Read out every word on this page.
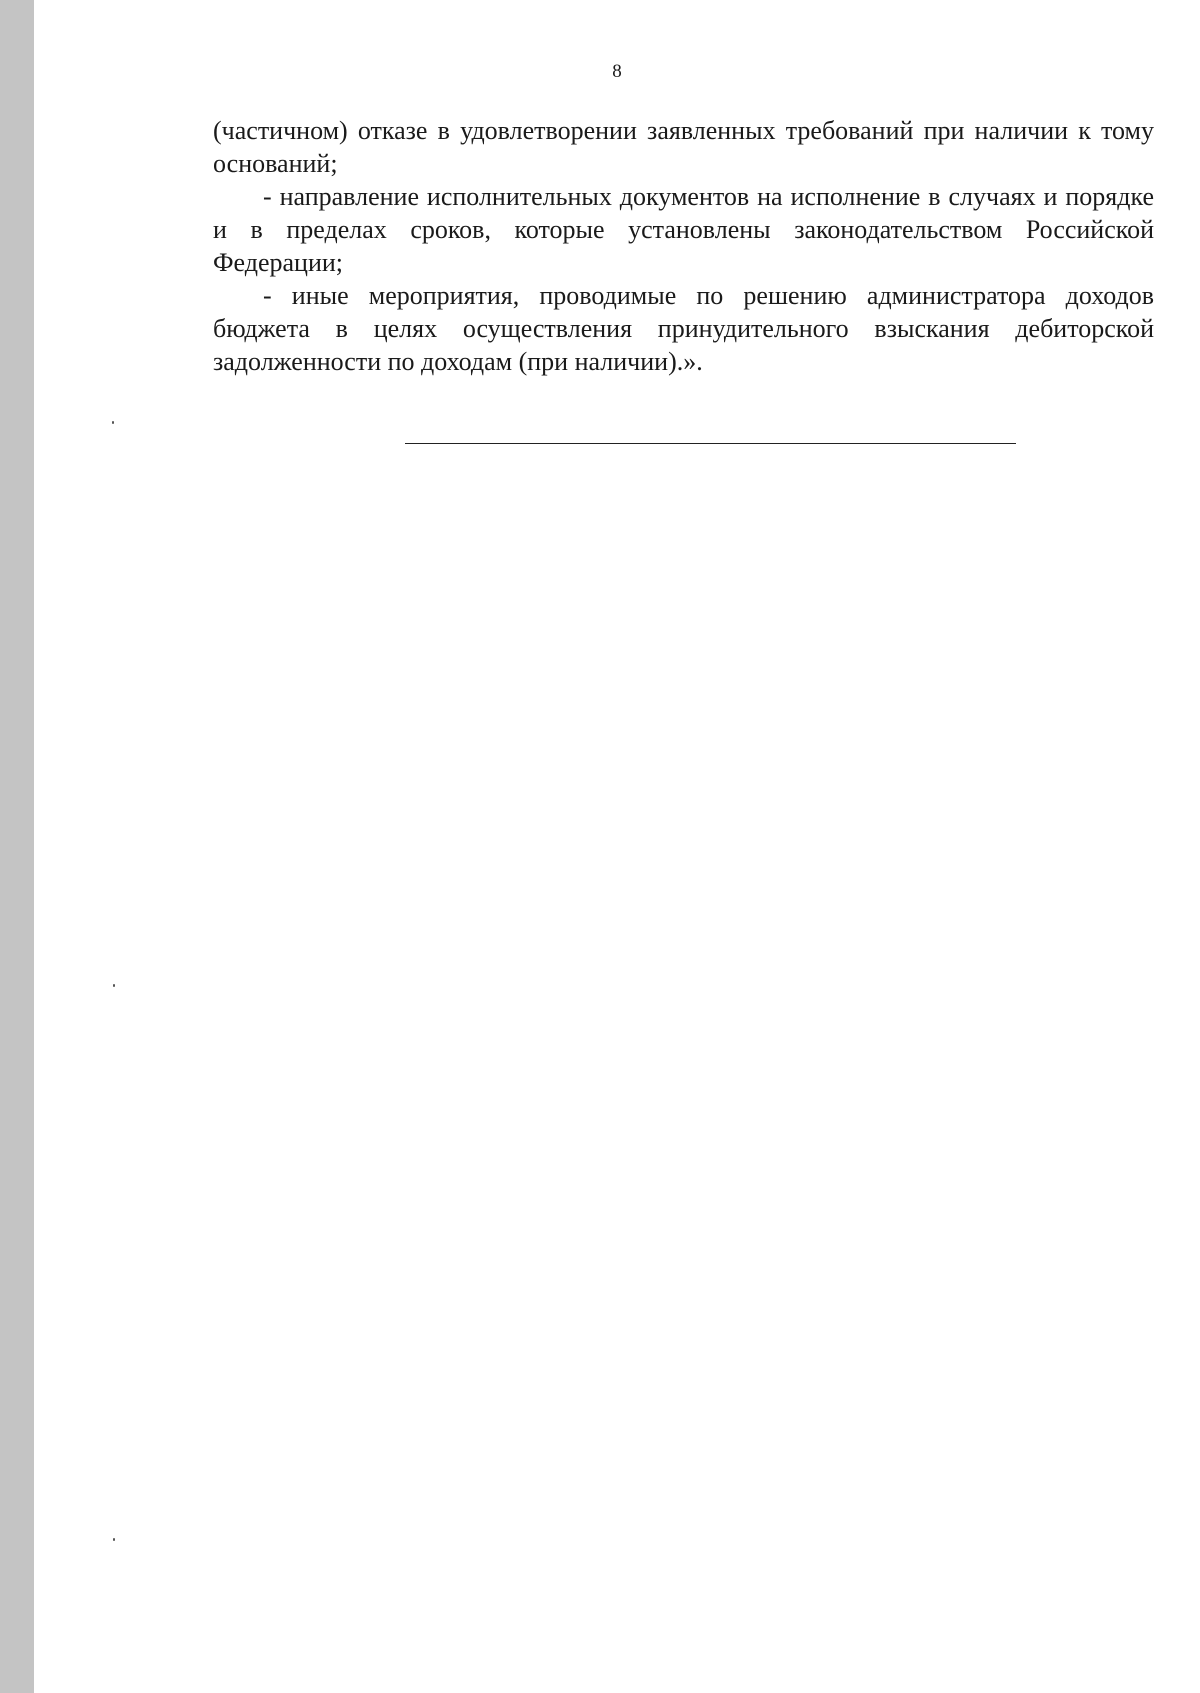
8

(частичном) отказе в удовлетворении заявленных требований при наличии к тому оснований;

- направление исполнительных документов на исполнение в случаях и порядке и в пределах сроков, которые установлены законодательством Российской Федерации;

- иные мероприятия, проводимые по решению администратора доходов бюджета в целях осуществления принудительного взыскания дебиторской задолженности по доходам (при наличии).».
